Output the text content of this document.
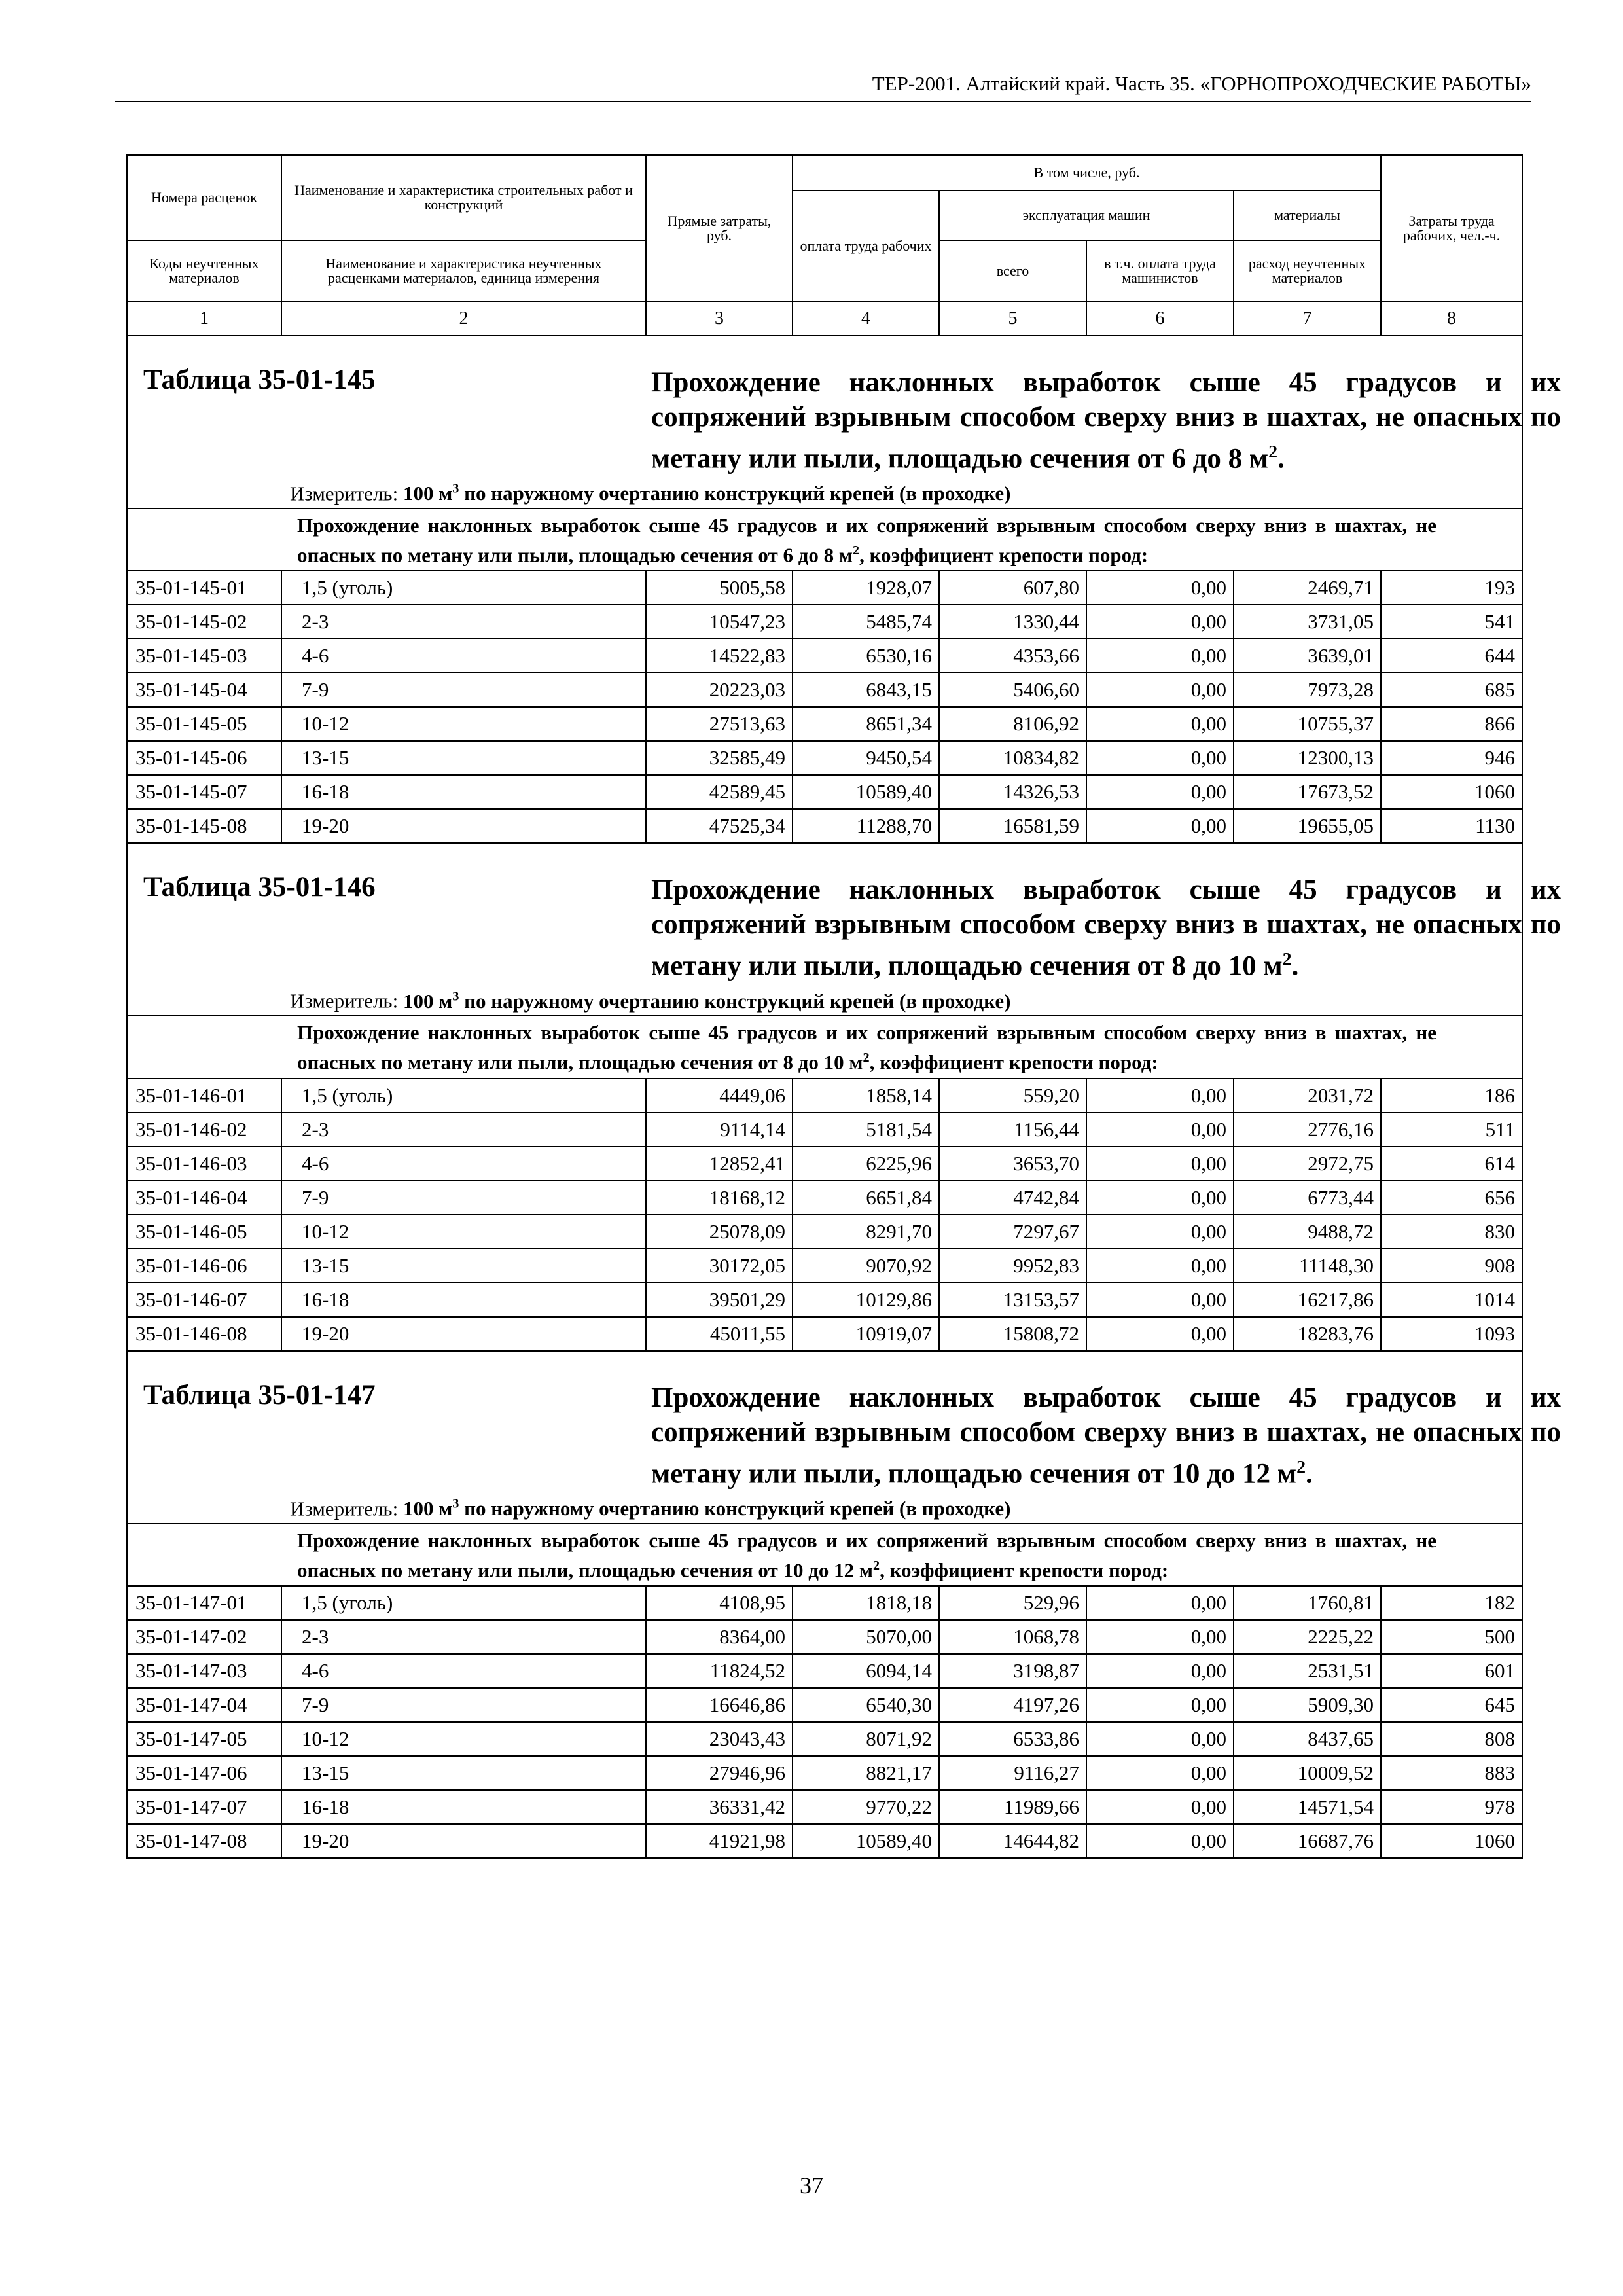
ТЕР-2001. Алтайский край. Часть 35. «ГОРНОПРОХОДЧЕСКИЕ РАБОТЫ»
Номера расценок	Наименование и характеристика строительных работ и конструкций	Прямые затраты, руб.	В том числе, руб.				Затраты труда рабочих, чел.-ч.
			оплата труда рабочих	эксплуатация машин		материалы	
Коды неучтенных материалов	Наименование и характеристика неучтенных расценками материалов, единица измерения			всего	в т.ч. оплата труда машинистов	расход неучтенных материалов	
1	2	3	4	5	6	7	8

Таблица 35-01-145 Прохождение наклонных выработок сыше 45 градусов и их сопряжений взрывным способом сверху вниз в шахтах, не опасных по метану или пыли, площадью сечения от 6 до 8 $м^2$.
Измеритель: 100 $м^3$ по наружному очертанию конструкций крепей (в проходке)							

	Прохождение наклонных выработок сыше 45 градусов и их сопряжений взрывным способом сверху вниз в шахтах, не опасных по метану или пыли, площадью сечения от 6 до 8 $м^2$, коэффициент крепости пород:						
35-01-145-01	1,5 (уголь)	5005,58	1928,07	607,80	0,00	2469,71	193
35-01-145-02	2-3	10547,23	5485,74	1330,44	0,00	3731,05	541
35-01-145-03	4-6	14522,83	6530,16	4353,66	0,00	3639,01	644
35-01-145-04	7-9	20223,03	6843,15	5406,60	0,00	7973,28	685
35-01-145-05	10-12	27513,63	8651,34	8106,92	0,00	10755,37	866
35-01-145-06	13-15	32585,49	9450,54	10834,82	0,00	12300,13	946
35-01-145-07	16-18	42589,45	10589,40	14326,53	0,00	17673,52	1060
35-01-145-08	19-20	47525,34	11288,70	16581,59	0,00	19655,05	1130

Таблица 35-01-146 Прохождение наклонных выработок сыше 45 градусов и их сопряжений взрывным способом сверху вниз в шахтах, не опасных по метану или пыли, площадью сечения от 8 до 10 $м^2$.
Измеритель: 100 $м^3$ по наружному очертанию конструкций крепей (в проходке)							

	Прохождение наклонных выработок сыше 45 градусов и их сопряжений взрывным способом сверху вниз в шахтах, не опасных по метану или пыли, площадью сечения от 8 до 10 $м^2$, коэффициент крепости пород:						
35-01-146-01	1,5 (уголь)	4449,06	1858,14	559,20	0,00	2031,72	186
35-01-146-02	2-3	9114,14	5181,54	1156,44	0,00	2776,16	511
35-01-146-03	4-6	12852,41	6225,96	3653,70	0,00	2972,75	614
35-01-146-04	7-9	18168,12	6651,84	4742,84	0,00	6773,44	656
35-01-146-05	10-12	25078,09	8291,70	7297,67	0,00	9488,72	830
35-01-146-06	13-15	30172,05	9070,92	9952,83	0,00	11148,30	908
35-01-146-07	16-18	39501,29	10129,86	13153,57	0,00	16217,86	1014
35-01-146-08	19-20	45011,55	10919,07	15808,72	0,00	18283,76	1093

Таблица 35-01-147 Прохождение наклонных выработок сыше 45 градусов и их сопряжений взрывным способом сверху вниз в шахтах, не опасных по метану или пыли, площадью сечения от 10 до 12 $м^2$.
Измеритель: 100 $м^3$ по наружному очертанию конструкций крепей (в проходке)							

	Прохождение наклонных выработок сыше 45 градусов и их сопряжений взрывным способом сверху вниз в шахтах, не опасных по метану или пыли, площадью сечения от 10 до 12 $м^2$, коэффициент крепости пород:						
35-01-147-01	1,5 (уголь)	4108,95	1818,18	529,96	0,00	1760,81	182
35-01-147-02	2-3	8364,00	5070,00	1068,78	0,00	2225,22	500
35-01-147-03	4-6	11824,52	6094,14	3198,87	0,00	2531,51	601
35-01-147-04	7-9	16646,86	6540,30	4197,26	0,00	5909,30	645
35-01-147-05	10-12	23043,43	8071,92	6533,86	0,00	8437,65	808
35-01-147-06	13-15	27946,96	8821,17	9116,27	0,00	10009,52	883
35-01-147-07	16-18	36331,42	9770,22	11989,66	0,00	14571,54	978
35-01-147-08	19-20	41921,98	10589,40	14644,82	0,00	16687,76	1060
37
